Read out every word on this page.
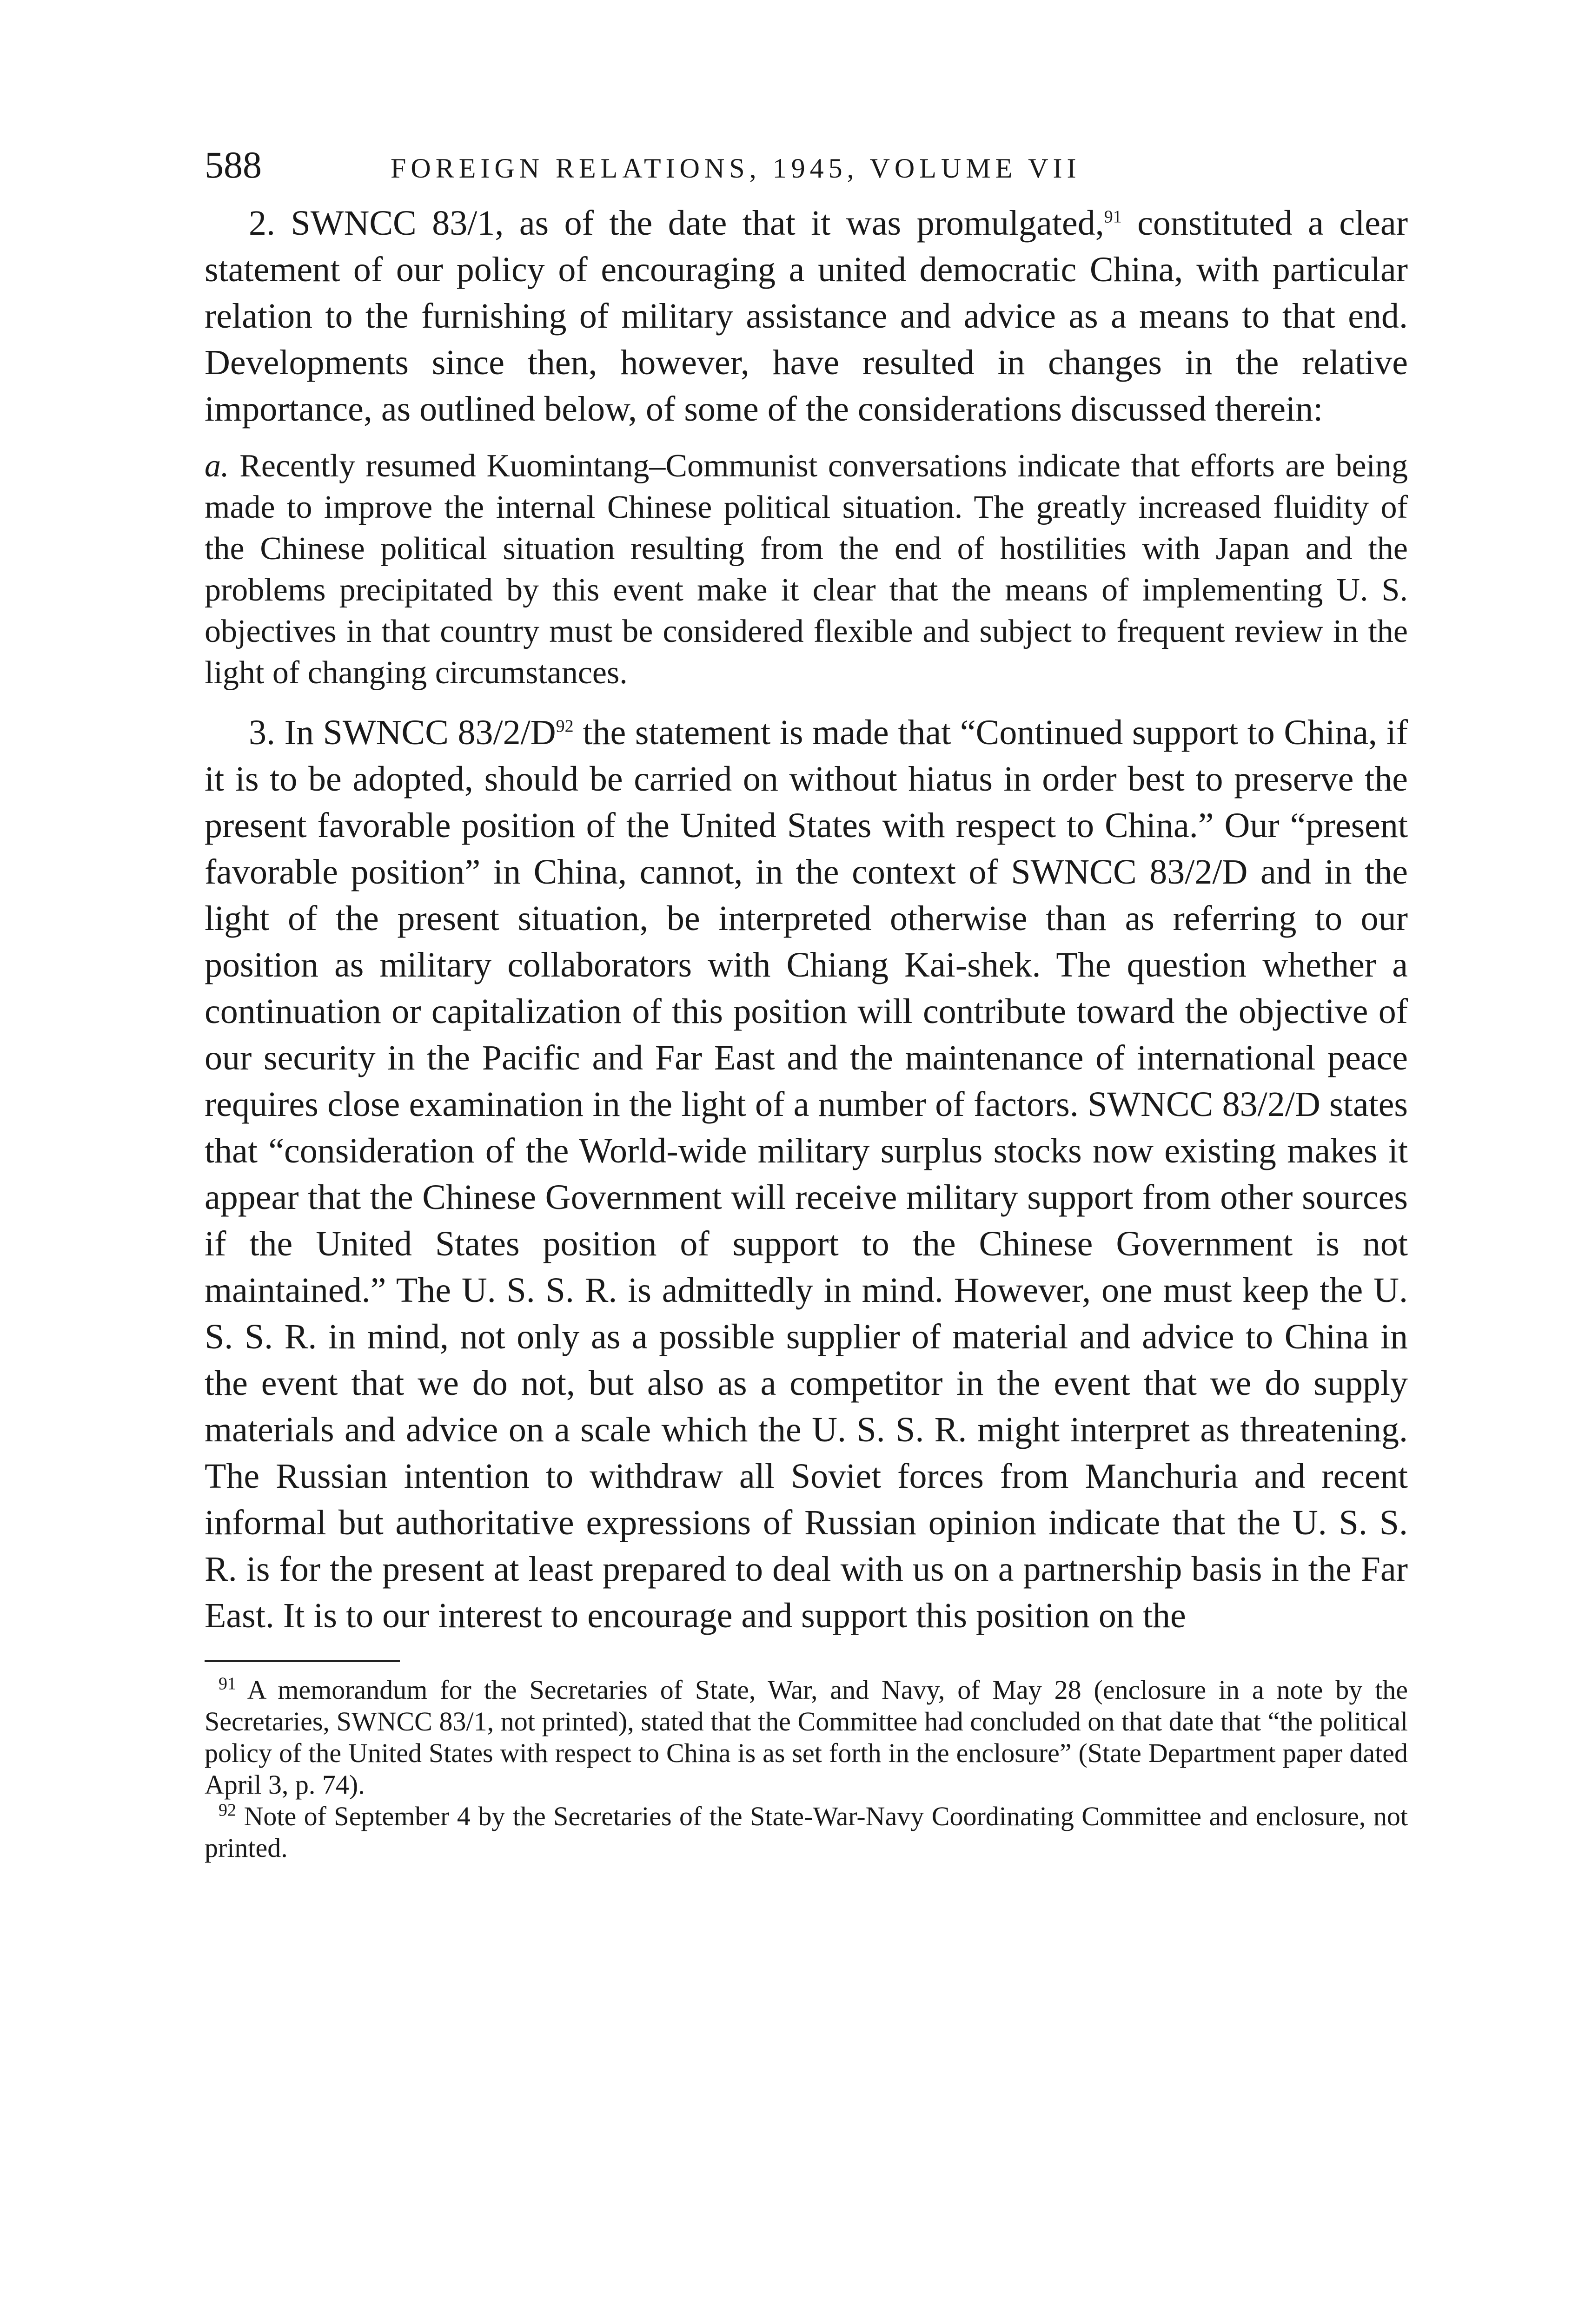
588	FOREIGN RELATIONS, 1945, VOLUME VII

2. SWNCC 83/1, as of the date that it was promulgated,$^{91}$ constituted a clear statement of our policy of encouraging a united democratic China, with particular relation to the furnishing of military assistance and advice as a means to that end. Developments since then, however, have resulted in changes in the relative importance, as outlined below, of some of the considerations discussed therein:

a. Recently resumed Kuomintang–Communist conversations indicate that efforts are being made to improve the internal Chinese political situation. The greatly increased fluidity of the Chinese political situation resulting from the end of hostilities with Japan and the problems precipitated by this event make it clear that the means of implementing U. S. objectives in that country must be considered flexible and subject to frequent review in the light of changing circumstances.

3. In SWNCC 83/2/D$^{92}$ the statement is made that “Continued support to China, if it is to be adopted, should be carried on without hiatus in order best to preserve the present favorable position of the United States with respect to China.” Our “present favorable position” in China, cannot, in the context of SWNCC 83/2/D and in the light of the present situation, be interpreted otherwise than as referring to our position as military collaborators with Chiang Kai-shek. The question whether a continuation or capitalization of this position will contribute toward the objective of our security in the Pacific and Far East and the maintenance of international peace requires close examination in the light of a number of factors. SWNCC 83/2/D states that “consideration of the World-wide military surplus stocks now existing makes it appear that the Chinese Government will receive military support from other sources if the United States position of support to the Chinese Government is not maintained.” The U. S. S. R. is admittedly in mind. However, one must keep the U. S. S. R. in mind, not only as a possible supplier of material and advice to China in the event that we do not, but also as a competitor in the event that we do supply materials and advice on a scale which the U. S. S. R. might interpret as threatening. The Russian intention to withdraw all Soviet forces from Manchuria and recent informal but authoritative expressions of Russian opinion indicate that the U. S. S. R. is for the present at least prepared to deal with us on a partnership basis in the Far East. It is to our interest to encourage and support this position on the

$^{91}$ A memorandum for the Secretaries of State, War, and Navy, of May 28 (enclosure in a note by the Secretaries, SWNCC 83/1, not printed), stated that the Committee had concluded on that date that “the political policy of the United States with respect to China is as set forth in the enclosure” (State Department paper dated April 3, p. 74).

$^{92}$ Note of September 4 by the Secretaries of the State-War-Navy Coordinating Committee and enclosure, not printed.
